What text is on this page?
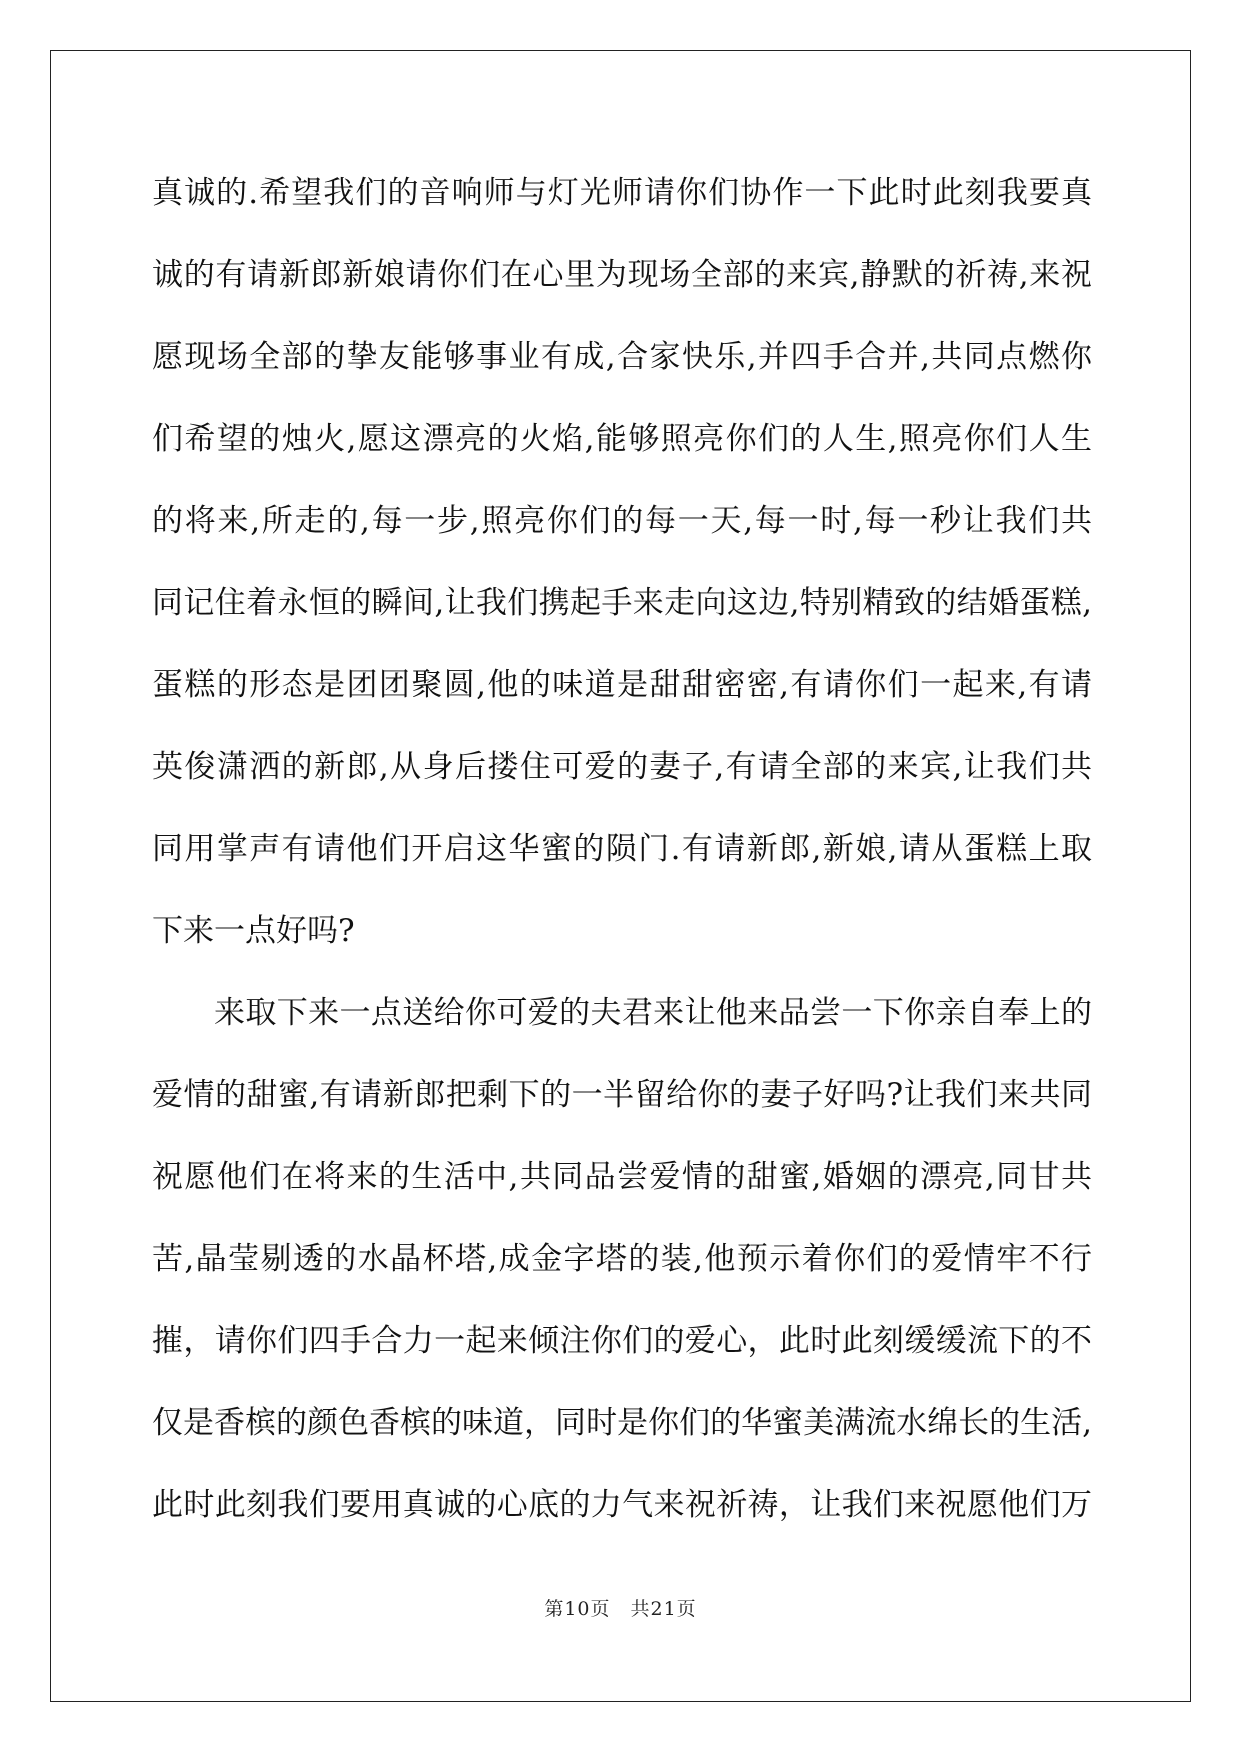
真诚的.希望我们的音响师与灯光师请你们协作一下此时此刻我要真
诚的有请新郎新娘请你们在心里为现场全部的来宾,静默的祈祷,来祝
愿现场全部的挚友能够事业有成,合家快乐,并四手合并,共同点燃你
们希望的烛火,愿这漂亮的火焰,能够照亮你们的人生,照亮你们人生
的将来,所走的,每一步,照亮你们的每一天,每一时,每一秒让我们共
同记住着永恒的瞬间,让我们携起手来走向这边,特别精致的结婚蛋糕,
蛋糕的形态是团团聚圆,他的味道是甜甜密密,有请你们一起来,有请
英俊潇洒的新郎,从身后搂住可爱的妻子,有请全部的来宾,让我们共
同用掌声有请他们开启这华蜜的陨门.有请新郎,新娘,请从蛋糕上取
下来一点好吗?
来取下来一点送给你可爱的夫君来让他来品尝一下你亲自奉上的
爱情的甜蜜,有请新郎把剩下的一半留给你的妻子好吗?让我们来共同
祝愿他们在将来的生活中,共同品尝爱情的甜蜜,婚姻的漂亮,同甘共
苦,晶莹剔透的水晶杯塔,成金字塔的装,他预示着你们的爱情牢不行
摧，请你们四手合力一起来倾注你们的爱心，此时此刻缓缓流下的不
仅是香槟的颜色香槟的味道，同时是你们的华蜜美满流水绵长的生活,
此时此刻我们要用真诚的心底的力气来祝祈祷，让我们来祝愿他们万
第10页　共21页
